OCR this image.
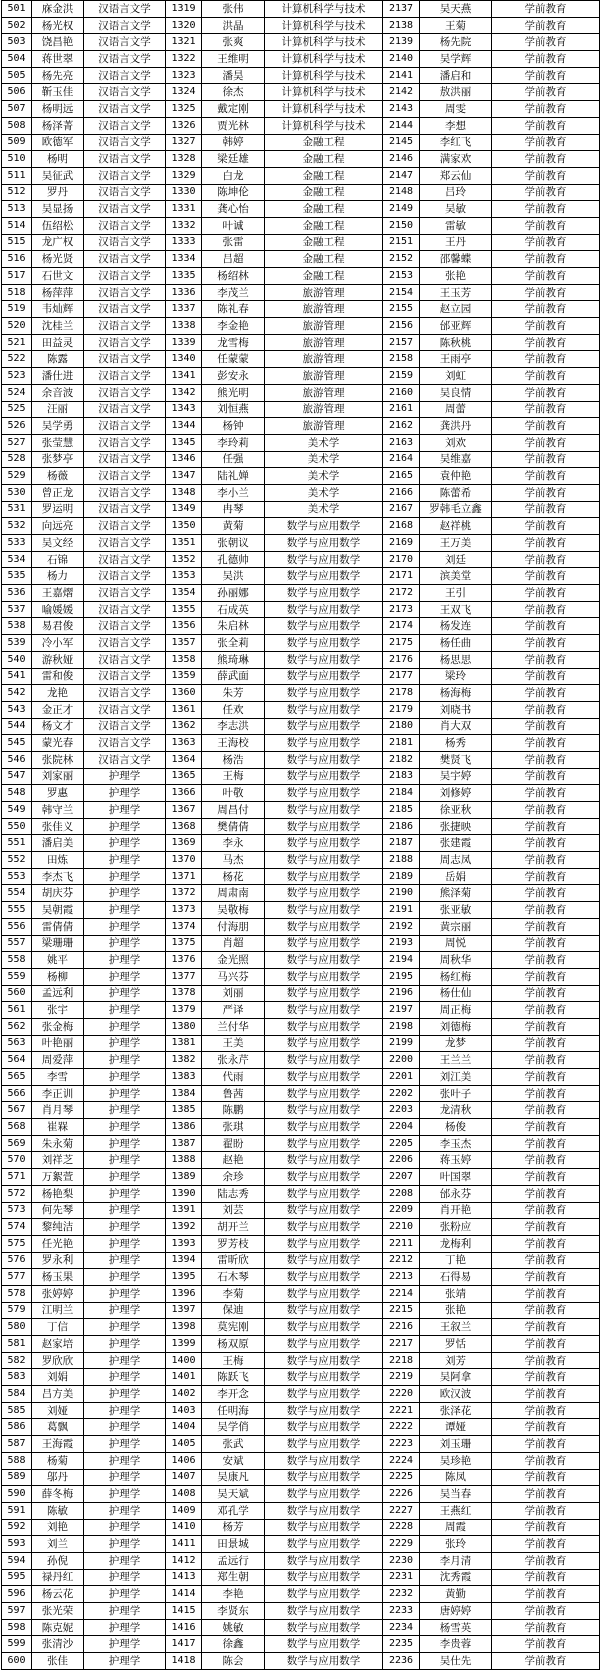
501	庥金洪	汉语言文学	1319	张伟	计算机科学与技术	2137	吴天燕	学前教育
502	杨光权	汉语言文学	1320	洪晶	计算机科学与技术	2138	王菊	学前教育
503	饶昌艳	汉语言文学	1321	张爽	计算机科学与技术	2139	杨先院	学前教育
504	蒋世翠	汉语言文学	1322	王维明	计算机科学与技术	2140	吴学辉	学前教育
505	杨先亮	汉语言文学	1323	潘昊	计算机科学与技术	2141	潘启和	学前教育
506	靳玉佳	汉语言文学	1324	徐杰	计算机科学与技术	2142	敖洪丽	学前教育
507	杨明远	汉语言文学	1325	戴定刚	计算机科学与技术	2143	周雯	学前教育
508	杨泽菁	汉语言文学	1326	贾光林	计算机科学与技术	2144	李想	学前教育
509	欧德军	汉语言文学	1327	韩婷	金融工程	2145	李红飞	学前教育
510	杨明	汉语言文学	1328	梁廷雄	金融工程	2146	满家欢	学前教育
511	吴征武	汉语言文学	1329	白龙	金融工程	2147	郑云仙	学前教育
512	罗丹	汉语言文学	1330	陈坤伦	金融工程	2148	吕玲	学前教育
513	吴显扬	汉语言文学	1331	龚心怡	金融工程	2149	吴敏	学前教育
514	伍绍松	汉语言文学	1332	叶诚	金融工程	2150	雷敏	学前教育
515	龙广权	汉语言文学	1333	张雷	金融工程	2151	王丹	学前教育
516	杨光贤	汉语言文学	1334	吕超	金融工程	2152	邵馨蝶	学前教育
517	石世文	汉语言文学	1335	杨绍林	金融工程	2153	张艳	学前教育
518	杨萍萍	汉语言文学	1336	李茂兰	旅游管理	2154	王玉芳	学前教育
519	韦灿辉	汉语言文学	1337	陈礼春	旅游管理	2155	赵立园	学前教育
520	沈桂兰	汉语言文学	1338	李金艳	旅游管理	2156	邰亚辉	学前教育
521	田益灵	汉语言文学	1339	龙雪梅	旅游管理	2157	陈秋桃	学前教育
522	陈露	汉语言文学	1340	任蒙蒙	旅游管理	2158	王雨亭	学前教育
523	潘仕进	汉语言文学	1341	彭安永	旅游管理	2159	刘虹	学前教育
524	余音波	汉语言文学	1342	熊光明	旅游管理	2160	吴良情	学前教育
525	汪丽	汉语言文学	1343	刘恒燕	旅游管理	2161	周蕾	学前教育
526	吴学勇	汉语言文学	1344	杨钟	旅游管理	2162	龚洪丹	学前教育
527	张莹慧	汉语言文学	1345	李玲莉	美术学	2163	刘欢	学前教育
528	张梦亭	汉语言文学	1346	任强	美术学	2164	吴维嘉	学前教育
529	杨薇	汉语言文学	1347	陆礼婵	美术学	2165	袁仲艳	学前教育
530	曾正龙	汉语言文学	1348	李小兰	美术学	2166	陈蕾希	学前教育
531	罗运明	汉语言文学	1349	冉琴	美术学	2167	罗韩毛立鑫	学前教育
532	向远亮	汉语言文学	1350	黄菊	数学与应用数学	2168	赵祥桃	学前教育
533	吴文经	汉语言文学	1351	张朝议	数学与应用数学	2169	王万美	学前教育
534	石锦	汉语言文学	1352	孔德帅	数学与应用数学	2170	刘廷	学前教育
535	杨力	汉语言文学	1353	吴洪	数学与应用数学	2171	滨美堂	学前教育
536	王嘉熠	汉语言文学	1354	孙丽娜	数学与应用数学	2172	王引	学前教育
537	喻媛媛	汉语言文学	1355	石成英	数学与应用数学	2173	王双飞	学前教育
538	易君俊	汉语言文学	1356	朱启林	数学与应用数学	2174	杨发连	学前教育
539	冷小军	汉语言文学	1357	张全莉	数学与应用数学	2175	杨任曲	学前教育
540	游秋娅	汉语言文学	1358	熊琦琳	数学与应用数学	2176	杨思思	学前教育
541	雷和俊	汉语言文学	1359	薛武面	数学与应用数学	2177	梁玲	学前教育
542	龙艳	汉语言文学	1360	朱芳	数学与应用数学	2178	杨海梅	学前教育
543	金正才	汉语言文学	1361	任欢	数学与应用数学	2179	刘晓书	学前教育
544	杨文才	汉语言文学	1362	李志洪	数学与应用数学	2180	肖大双	学前教育
545	蒙光春	汉语言文学	1363	王海校	数学与应用数学	2181	杨秀	学前教育
546	张院林	汉语言文学	1364	杨浩	数学与应用数学	2182	樊贤飞	学前教育
547	刘家丽	护理学	1365	王梅	数学与应用数学	2183	吴宇婷	学前教育
548	罗惠	护理学	1366	叶敬	数学与应用数学	2184	刘修婷	学前教育
549	韩守兰	护理学	1367	周昌付	数学与应用数学	2185	徐亚秋	学前教育
550	张佳义	护理学	1368	樊倩倩	数学与应用数学	2186	张捷映	学前教育
551	潘启美	护理学	1369	李永	数学与应用数学	2187	张建霞	学前教育
552	田炼	护理学	1370	马杰	数学与应用数学	2188	周志凤	学前教育
553	李杰飞	护理学	1371	杨花	数学与应用数学	2189	岳娟	学前教育
554	胡庆芬	护理学	1372	周肃南	数学与应用数学	2190	熊泽菊	学前教育
555	吴朝霞	护理学	1373	吴敬梅	数学与应用数学	2191	张亚敏	学前教育
556	雷倩倩	护理学	1374	付海朋	数学与应用数学	2192	黄宗丽	学前教育
557	梁珊珊	护理学	1375	肖超	数学与应用数学	2193	周悦	学前教育
558	姚平	护理学	1376	金光照	数学与应用数学	2194	周秋华	学前教育
559	杨柳	护理学	1377	马兴芬	数学与应用数学	2195	杨红梅	学前教育
560	孟远利	护理学	1378	刘丽	数学与应用数学	2196	杨仕仙	学前教育
561	张宇	护理学	1379	严译	数学与应用数学	2197	周正梅	学前教育
562	张金梅	护理学	1380	兰付华	数学与应用数学	2198	刘德梅	学前教育
563	叶艳丽	护理学	1381	王美	数学与应用数学	2199	龙梦	学前教育
564	周爱萍	护理学	1382	张永芹	数学与应用数学	2200	王兰兰	学前教育
565	李雪	护理学	1383	代雨	数学与应用数学	2201	刘江美	学前教育
566	李正训	护理学	1384	鲁茜	数学与应用数学	2202	张叶子	学前教育
567	肖月琴	护理学	1385	陈鹏	数学与应用数学	2203	龙清秋	学前教育
568	崔槑	护理学	1386	张琪	数学与应用数学	2204	杨俊	学前教育
569	朱永菊	护理学	1387	翟盼	数学与应用数学	2205	李玉杰	学前教育
570	刘祥芝	护理学	1388	赵艳	数学与应用数学	2206	蒋玉婷	学前教育
571	万絮萱	护理学	1389	余珍	数学与应用数学	2207	叶国翠	学前教育
572	杨艳梨	护理学	1390	陆志秀	数学与应用数学	2208	邰永芬	学前教育
573	何先琴	护理学	1391	刘芸	数学与应用数学	2209	肖开艳	学前教育
574	黎纯洁	护理学	1392	胡开兰	数学与应用数学	2210	张粉应	学前教育
575	任光艳	护理学	1393	罗芳枝	数学与应用数学	2211	龙梅利	学前教育
576	罗永利	护理学	1394	雷昕欣	数学与应用数学	2212	丁艳	学前教育
577	杨玉果	护理学	1395	石木琴	数学与应用数学	2213	石得易	学前教育
578	张婷婷	护理学	1396	李菊	数学与应用数学	2214	张靖	学前教育
579	江明兰	护理学	1397	保迪	数学与应用数学	2215	张艳	学前教育
580	丁信	护理学	1398	莫宪刚	数学与应用数学	2216	王叙兰	学前教育
581	赵家培	护理学	1399	杨双原	数学与应用数学	2217	罗恬	学前教育
582	罗欣欣	护理学	1400	王梅	数学与应用数学	2218	刘芳	学前教育
583	刘娟	护理学	1401	陈跃飞	数学与应用数学	2219	吴阿拿	学前教育
584	吕方美	护理学	1402	李开念	数学与应用数学	2220	欧汉波	学前教育
585	刘娅	护理学	1403	任明海	数学与应用数学	2221	张泽花	学前教育
586	葛飘	护理学	1404	吴学俏	数学与应用数学	2222	谭娅	学前教育
587	王海霞	护理学	1405	张武	数学与应用数学	2223	刘玉珊	学前教育
588	杨菊	护理学	1406	安斌	数学与应用数学	2224	吴珍艳	学前教育
589	邬丹	护理学	1407	吴康凡	数学与应用数学	2225	陈凤	学前教育
590	薛冬梅	护理学	1408	吴天斌	数学与应用数学	2226	吴当春	学前教育
591	陈敏	护理学	1409	邓孔学	数学与应用数学	2227	王燕红	学前教育
592	刘艳	护理学	1410	杨芳	数学与应用数学	2228	周霞	学前教育
593	刘兰	护理学	1411	田景城	数学与应用数学	2229	张玲	学前教育
594	孙倪	护理学	1412	孟远行	数学与应用数学	2230	李月清	学前教育
595	禄丹红	护理学	1413	郑生朝	数学与应用数学	2231	沈秀霞	学前教育
596	杨云花	护理学	1414	李艳	数学与应用数学	2232	黄勤	学前教育
597	张光荣	护理学	1415	李贤东	数学与应用数学	2233	唐婷婷	学前教育
598	陈克妮	护理学	1416	姚敏	数学与应用数学	2234	杨雪英	学前教育
599	张清沙	护理学	1417	徐鑫	数学与应用数学	2235	李贵蓉	学前教育
600	张佳	护理学	1418	陈会	数学与应用数学	2236	吴仕先	学前教育
